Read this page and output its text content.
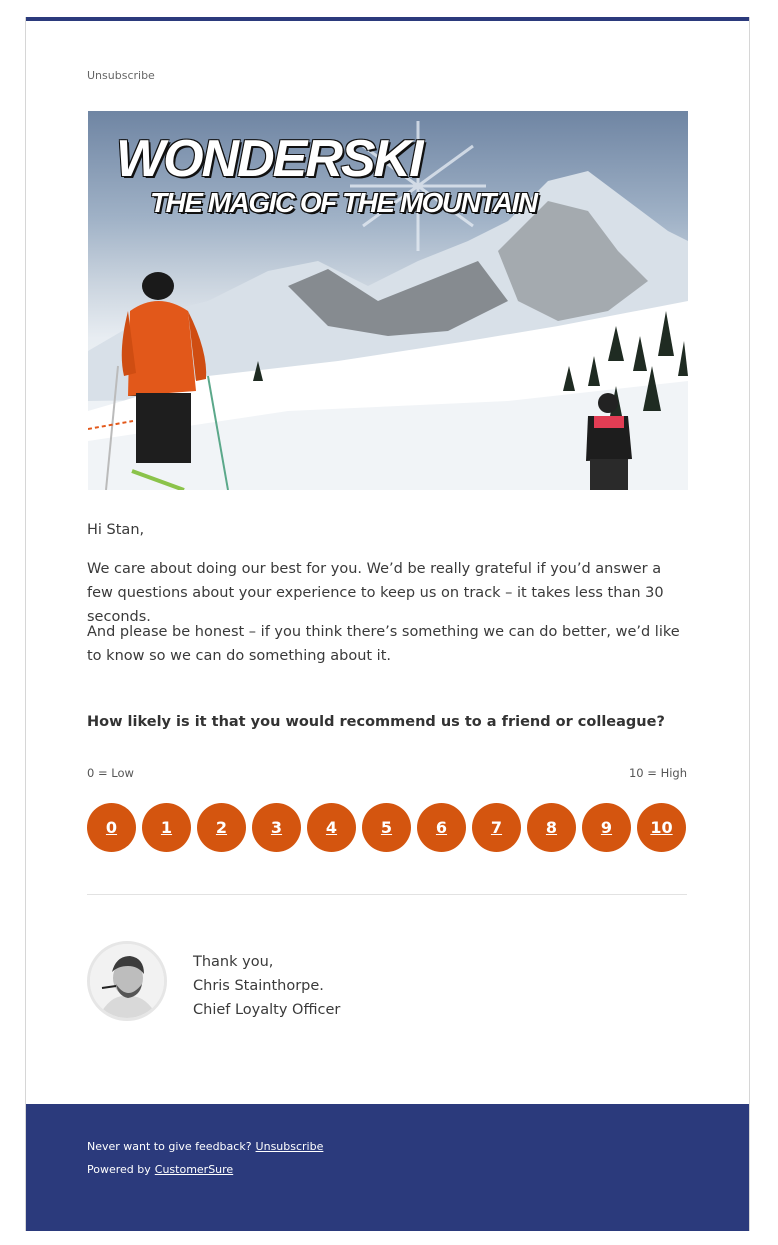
Unsubscribe
WONDERSKI
THE MAGIC OF THE MOUNTAIN

Hi Stan,

We care about doing our best for you. We’d be really grateful if you’d answer a few questions about your experience to keep us on track – it takes less than 30 seconds.

And please be honest – if you think there’s something we can do better, we’d like to know so we can do something about it.

How likely is it that you would recommend us to a friend or colleague?
0 = Low	10 = High
0	1	2	3	4	5	6	7	8	9	10
Thank you,
Chris Stainthorpe.
Chief Loyalty Officer
Never want to give feedback? Unsubscribe
Powered by CustomerSure
